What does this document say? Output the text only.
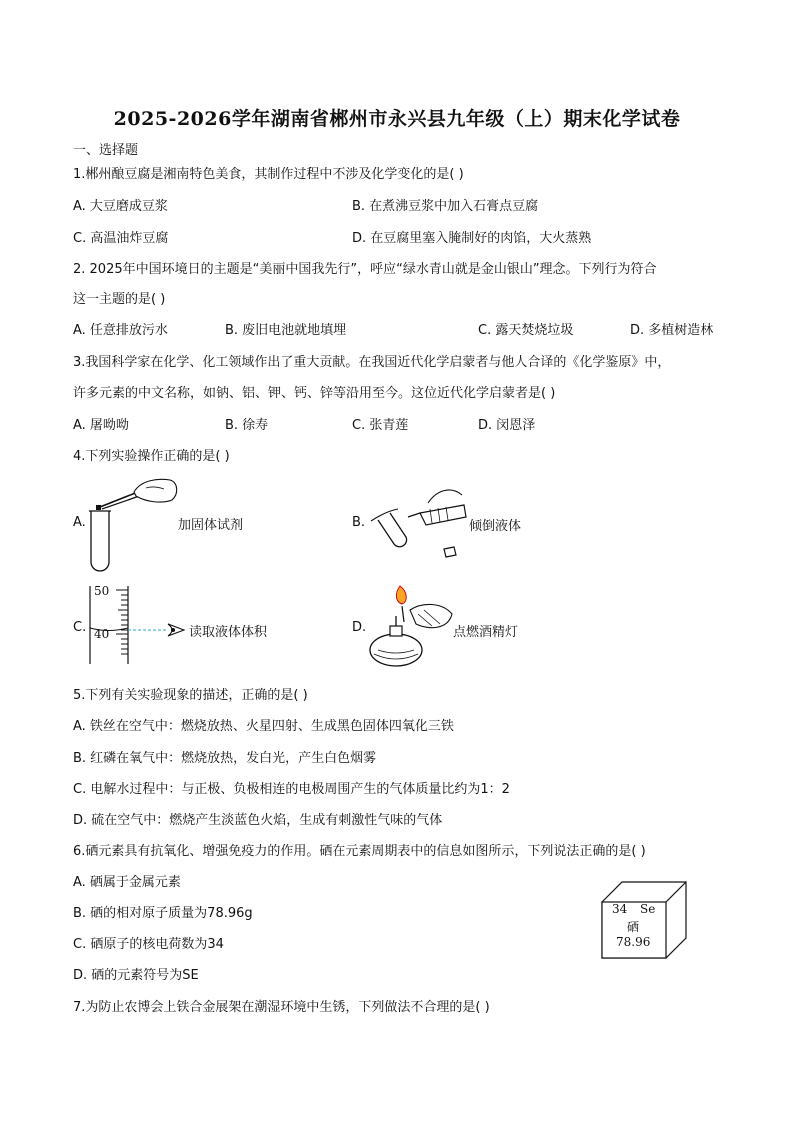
2025-2026学年湖南省郴州市永兴县九年级（上）期末化学试卷
一、选择题
1.郴州酿豆腐是湘南特色美食，其制作过程中不涉及化学变化的是( )
A. 大豆磨成豆浆	B. 在煮沸豆浆中加入石膏点豆腐
C. 高温油炸豆腐	D. 在豆腐里塞入腌制好的肉馅，大火蒸熟
2. 2025年中国环境日的主题是“美丽中国我先行”，呼应“绿水青山就是金山银山”理念。下列行为符合
这一主题的是( )
A. 任意排放污水	B. 废旧电池就地填埋	C. 露天焚烧垃圾	D. 多植树造林
3.我国科学家在化学、化工领域作出了重大贡献。在我国近代化学启蒙者与他人合译的《化学鉴原》中，
许多元素的中文名称，如钠、铝、钾、钙、锌等沿用至今。这位近代化学启蒙者是( )
A. 屠呦呦	B. 徐寿	C. 张青莲	D. 闵恩泽
4.下列实验操作正确的是( )
A.	加固体试剂	B.	倾倒液体
C.
50
40	读取液体体积	D.	点燃酒精灯
5.下列有关实验现象的描述，正确的是( )
A. 铁丝在空气中：燃烧放热、火星四射、生成黑色固体四氧化三铁
B. 红磷在氧气中：燃烧放热，发白光，产生白色烟雾
C. 电解水过程中：与正极、负极相连的电极周围产生的气体质量比约为1：2
D. 硫在空气中：燃烧产生淡蓝色火焰，生成有刺激性气味的气体
6.硒元素具有抗氧化、增强免疫力的作用。硒在元素周期表中的信息如图所示，下列说法正确的是( )
A. 硒属于金属元素
B. 硒的相对原子质量为78.96g
C. 硒原子的核电荷数为34
D. 硒的元素符号为SE
34 Se
硒
78.96
7.为防止农博会上铁合金展架在潮湿环境中生锈，下列做法不合理的是( )
